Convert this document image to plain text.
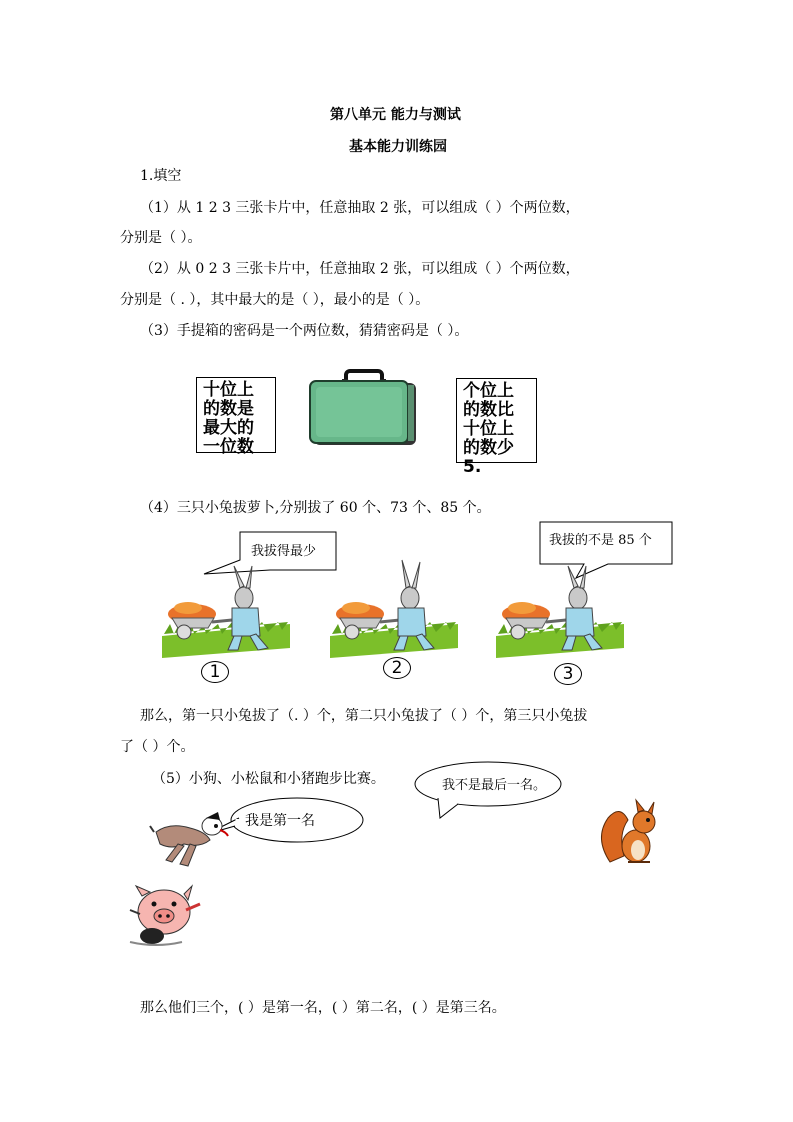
第八单元 能力与测试
基本能力训练园
1.填空
（1）从 1 2 3 三张卡片中，任意抽取 2 张，可以组成（ ）个两位数，
分别是（ ）。
（2）从 0 2 3 三张卡片中，任意抽取 2 张，可以组成（ ）个两位数，
分别是（ . ），其中最大的是（ ），最小的是（ ）。
（3）手提箱的密码是一个两位数，猜猜密码是（ ）。
十位上
的数是
最大的
一位数
个位上
的数比
十位上
的数少
5.
（4）三只小兔拔萝卜,分别拔了 60 个、73 个、85 个。
我拔得最少
我拔的不是 85 个
1	2	3
那么，第一只小兔拔了（. ）个，第二只小兔拔了（ ）个，第三只小兔拔
了（ ）个。
（5）小狗、小松鼠和小猪跑步比赛。	我不是最后一名。
我是第一名
那么他们三个，( ）是第一名，( ）第二名，( ）是第三名。
